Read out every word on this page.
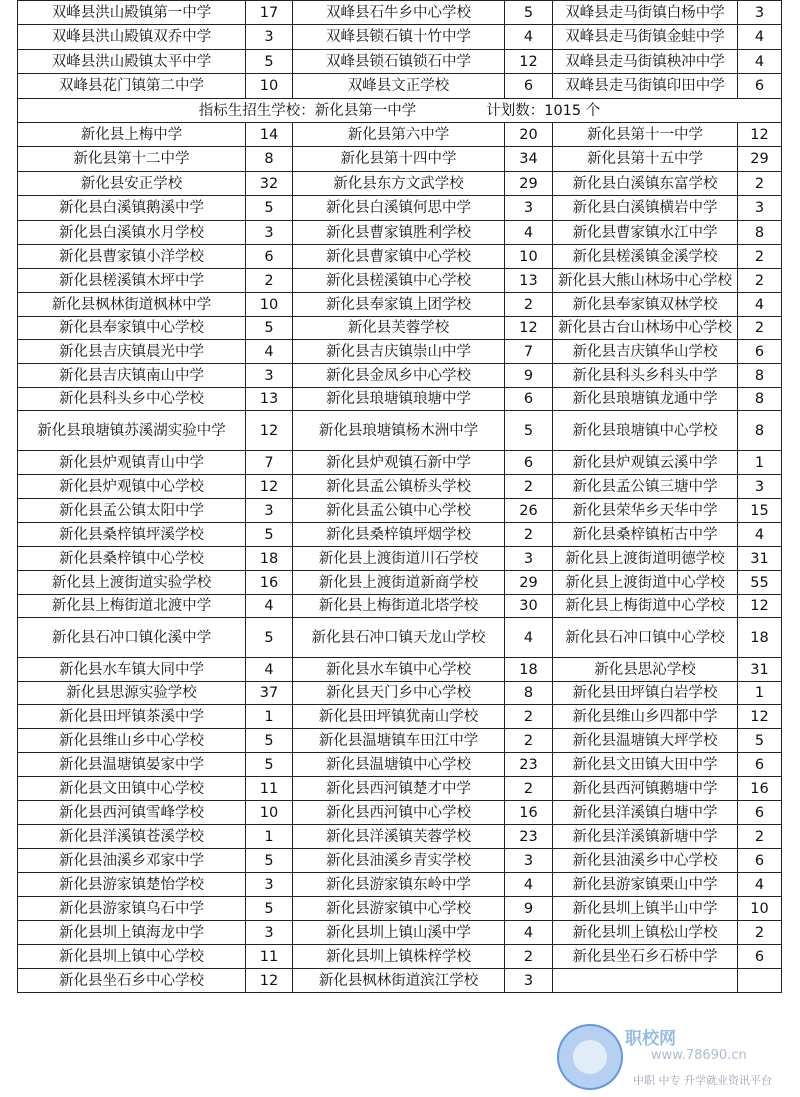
双峰县洪山殿镇第一中学	17	双峰县石牛乡中心学校	5	双峰县走马街镇白杨中学	3
双峰县洪山殿镇双乔中学	3	双峰县锁石镇十竹中学	4	双峰县走马街镇金蛙中学	4
双峰县洪山殿镇太平中学	5	双峰县锁石镇锁石中学	12	双峰县走马街镇秧冲中学	4
双峰县花门镇第二中学	10	双峰县文正学校	6	双峰县走马街镇印田中学	6
指标生招生学校：新化县第一中学 计划数：1015 个					
新化县上梅中学	14	新化县第六中学	20	新化县第十一中学	12
新化县第十二中学	8	新化县第十四中学	34	新化县第十五中学	29
新化县安正学校	32	新化县东方文武学校	29	新化县白溪镇东富学校	2
新化县白溪镇鹅溪中学	5	新化县白溪镇何思中学	3	新化县白溪镇横岩中学	3
新化县白溪镇水月学校	3	新化县曹家镇胜利学校	4	新化县曹家镇水江中学	8
新化县曹家镇小洋学校	6	新化县曹家镇中心学校	10	新化县槎溪镇金溪学校	2
新化县槎溪镇木坪中学	2	新化县槎溪镇中心学校	13	新化县大熊山林场中心学校	2
新化县枫林街道枫林中学	10	新化县奉家镇上团学校	2	新化县奉家镇双林学校	4
新化县奉家镇中心学校	5	新化县芙蓉学校	12	新化县古台山林场中心学校	2
新化县吉庆镇晨光中学	4	新化县吉庆镇崇山中学	7	新化县吉庆镇华山学校	6
新化县吉庆镇南山中学	3	新化县金凤乡中心学校	9	新化县科头乡科头中学	8
新化县科头乡中心学校	13	新化县琅塘镇琅塘中学	6	新化县琅塘镇龙通中学	8
新化县琅塘镇苏溪湖实验中学	12	新化县琅塘镇杨木洲中学	5	新化县琅塘镇中心学校	8
新化县炉观镇青山中学	7	新化县炉观镇石新中学	6	新化县炉观镇云溪中学	1
新化县炉观镇中心学校	12	新化县孟公镇桥头学校	2	新化县孟公镇三塘中学	3
新化县孟公镇太阳中学	3	新化县孟公镇中心学校	26	新化县荣华乡天华中学	15
新化县桑梓镇坪溪学校	5	新化县桑梓镇坪烟学校	2	新化县桑梓镇柘古中学	4
新化县桑梓镇中心学校	18	新化县上渡街道川石学校	3	新化县上渡街道明德学校	31
新化县上渡街道实验学校	16	新化县上渡街道新商学校	29	新化县上渡街道中心学校	55
新化县上梅街道北渡中学	4	新化县上梅街道北塔学校	30	新化县上梅街道中心学校	12
新化县石冲口镇化溪中学	5	新化县石冲口镇天龙山学校	4	新化县石冲口镇中心学校	18
新化县水车镇大同中学	4	新化县水车镇中心学校	18	新化县思沁学校	31
新化县思源实验学校	37	新化县天门乡中心学校	8	新化县田坪镇白岩学校	1
新化县田坪镇茶溪中学	1	新化县田坪镇犹南山学校	2	新化县维山乡四都中学	12
新化县维山乡中心学校	5	新化县温塘镇车田江中学	2	新化县温塘镇大坪学校	5
新化县温塘镇晏家中学	5	新化县温塘镇中心学校	23	新化县文田镇大田中学	6
新化县文田镇中心学校	11	新化县西河镇楚才中学	2	新化县西河镇鹅塘中学	16
新化县西河镇雪峰学校	10	新化县西河镇中心学校	16	新化县洋溪镇白塘中学	6
新化县洋溪镇苍溪学校	1	新化县洋溪镇芙蓉学校	23	新化县洋溪镇新塘中学	2
新化县油溪乡邓家中学	5	新化县油溪乡青实学校	3	新化县油溪乡中心学校	6
新化县游家镇楚怡学校	3	新化县游家镇东岭中学	4	新化县游家镇栗山中学	4
新化县游家镇乌石中学	5	新化县游家镇中心学校	9	新化县圳上镇半山中学	10
新化县圳上镇海龙中学	3	新化县圳上镇山溪中学	4	新化县圳上镇松山学校	2
新化县圳上镇中心学校	11	新化县圳上镇株梓学校	2	新化县坐石乡石桥中学	6
新化县坐石乡中心学校	12	新化县枫林街道滨江学校	3		
职校网
www.78690.cn
中职 中专 升学就业资讯平台
